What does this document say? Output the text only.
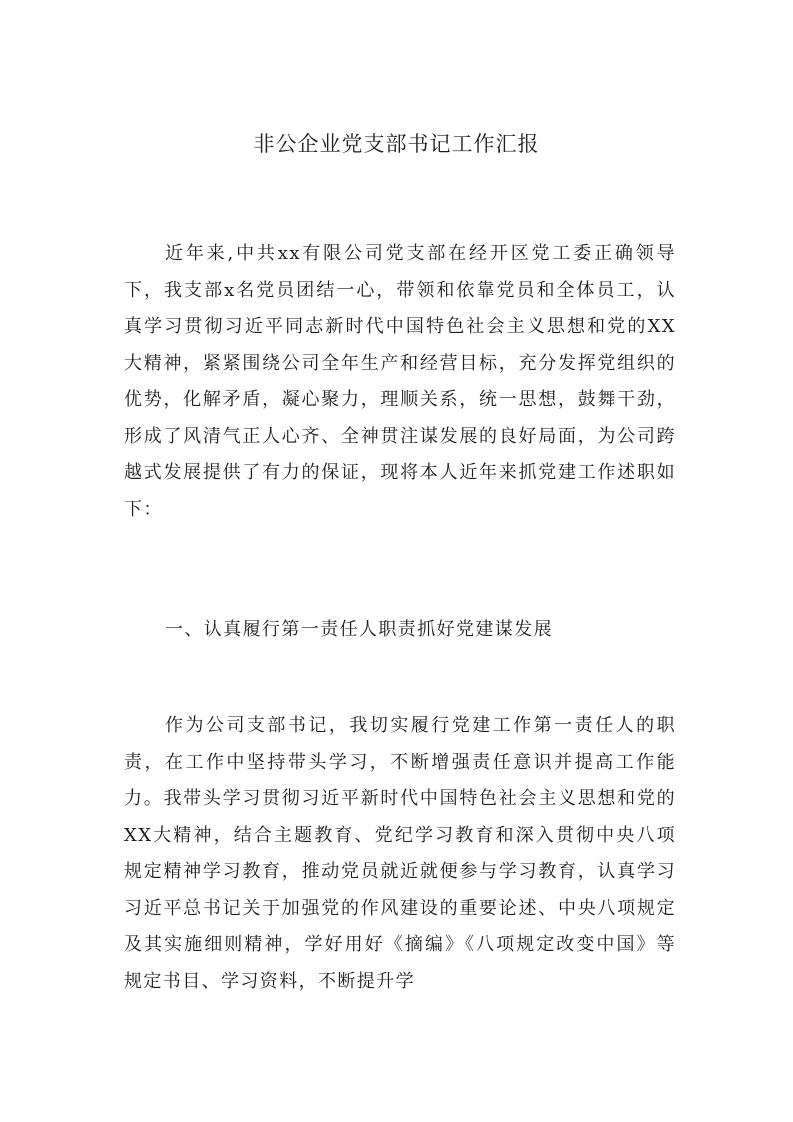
非公企业党支部书记工作汇报

近年来,中共xx有限公司党支部在经开区党工委正确领导下，我支部x名党员团结一心，带领和依靠党员和全体员工，认真学习贯彻习近平同志新时代中国特色社会主义思想和党的XX大精神，紧紧围绕公司全年生产和经营目标，充分发挥党组织的优势，化解矛盾，凝心聚力，理顺关系，统一思想，鼓舞干劲，形成了风清气正人心齐、全神贯注谋发展的良好局面，为公司跨越式发展提供了有力的保证，现将本人近年来抓党建工作述职如下：

一、认真履行第一责任人职责抓好党建谋发展

作为公司支部书记，我切实履行党建工作第一责任人的职责，在工作中坚持带头学习，不断增强责任意识并提高工作能力。我带头学习贯彻习近平新时代中国特色社会主义思想和党的XX大精神，结合主题教育、党纪学习教育和深入贯彻中央八项规定精神学习教育，推动党员就近就便参与学习教育，认真学习习近平总书记关于加强党的作风建设的重要论述、中央八项规定及其实施细则精神，学好用好《摘编》《八项规定改变中国》等规定书目、学习资料，不断提升学
